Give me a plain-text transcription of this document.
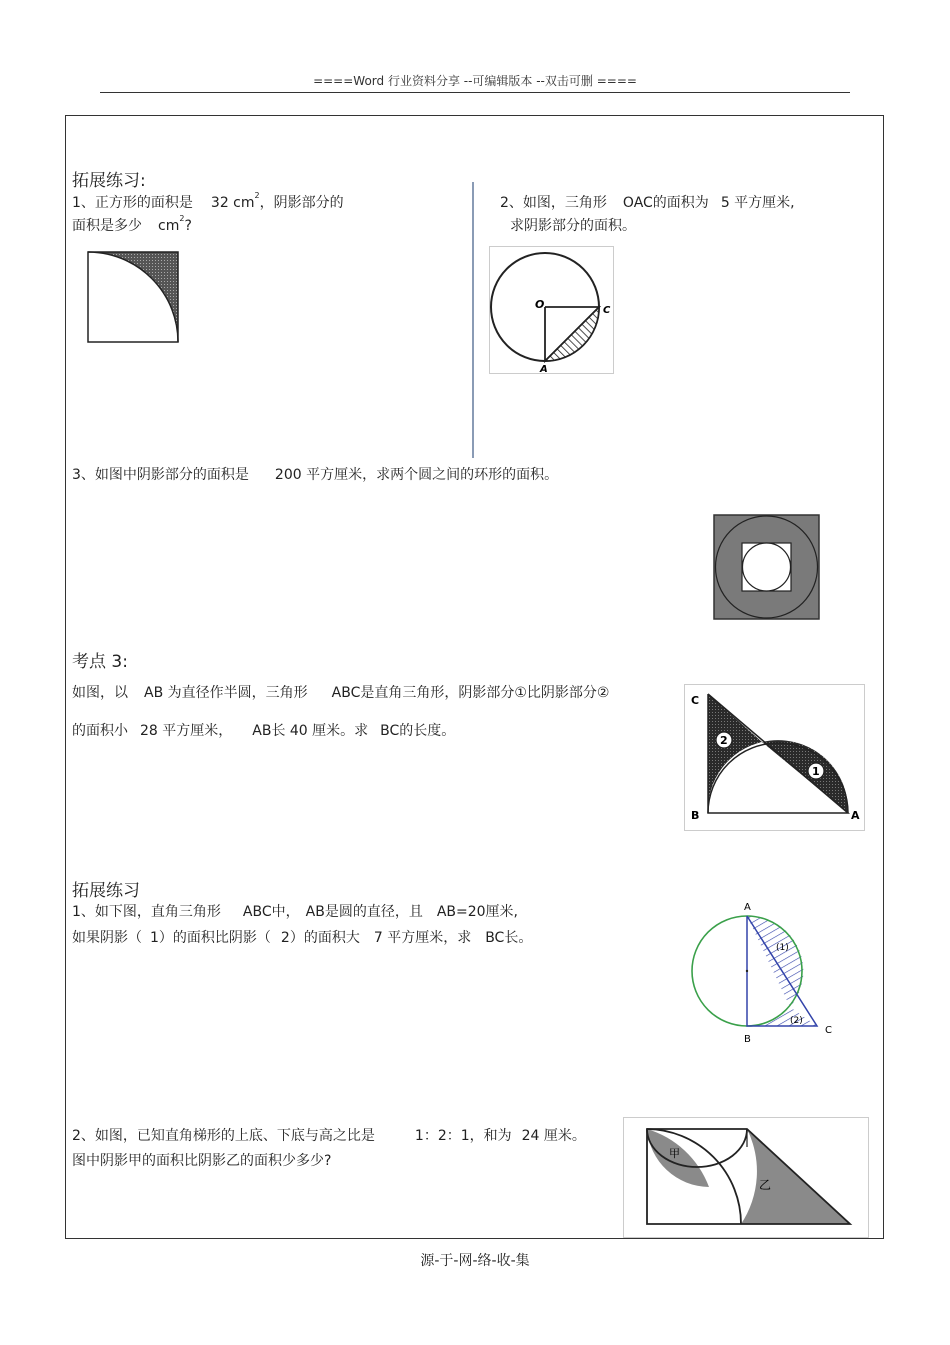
====Word 行业资料分享 --可编辑版本 --双击可删 ====
拓展练习:
1、正方形的面积是 32 $cm^2$，阴影部分的
面积是多少 $cm^2$?
2、如图，三角形 OAC的面积为 5 平方厘米,
求阴影部分的面积。
O	C
A
3、如图中阴影部分的面积是 200 平方厘米，求两个圆之间的环形的面积。
考点 3:
如图，以 AB 为直径作半圆，三角形 ABC是直角三角形，阴影部分①比阴影部分②
的面积小 28 平方厘米， AB长 40 厘米。求 BC的长度。
2
1
C
B	A
拓展练习
1、如下图，直角三角形 ABC中， AB是圆的直径，且 AB=20厘米,
如果阴影（ 1）的面积比阴影（ 2）的面积大 7 平方厘米，求 BC长。
A
B
C
(1)
(2)
2、如图，已知直角梯形的上底、下底与高之比是	1：2：1，和为 24 厘米。
图中阴影甲的面积比阴影乙的面积少多少?	甲
乙
源-于-网-络-收-集
